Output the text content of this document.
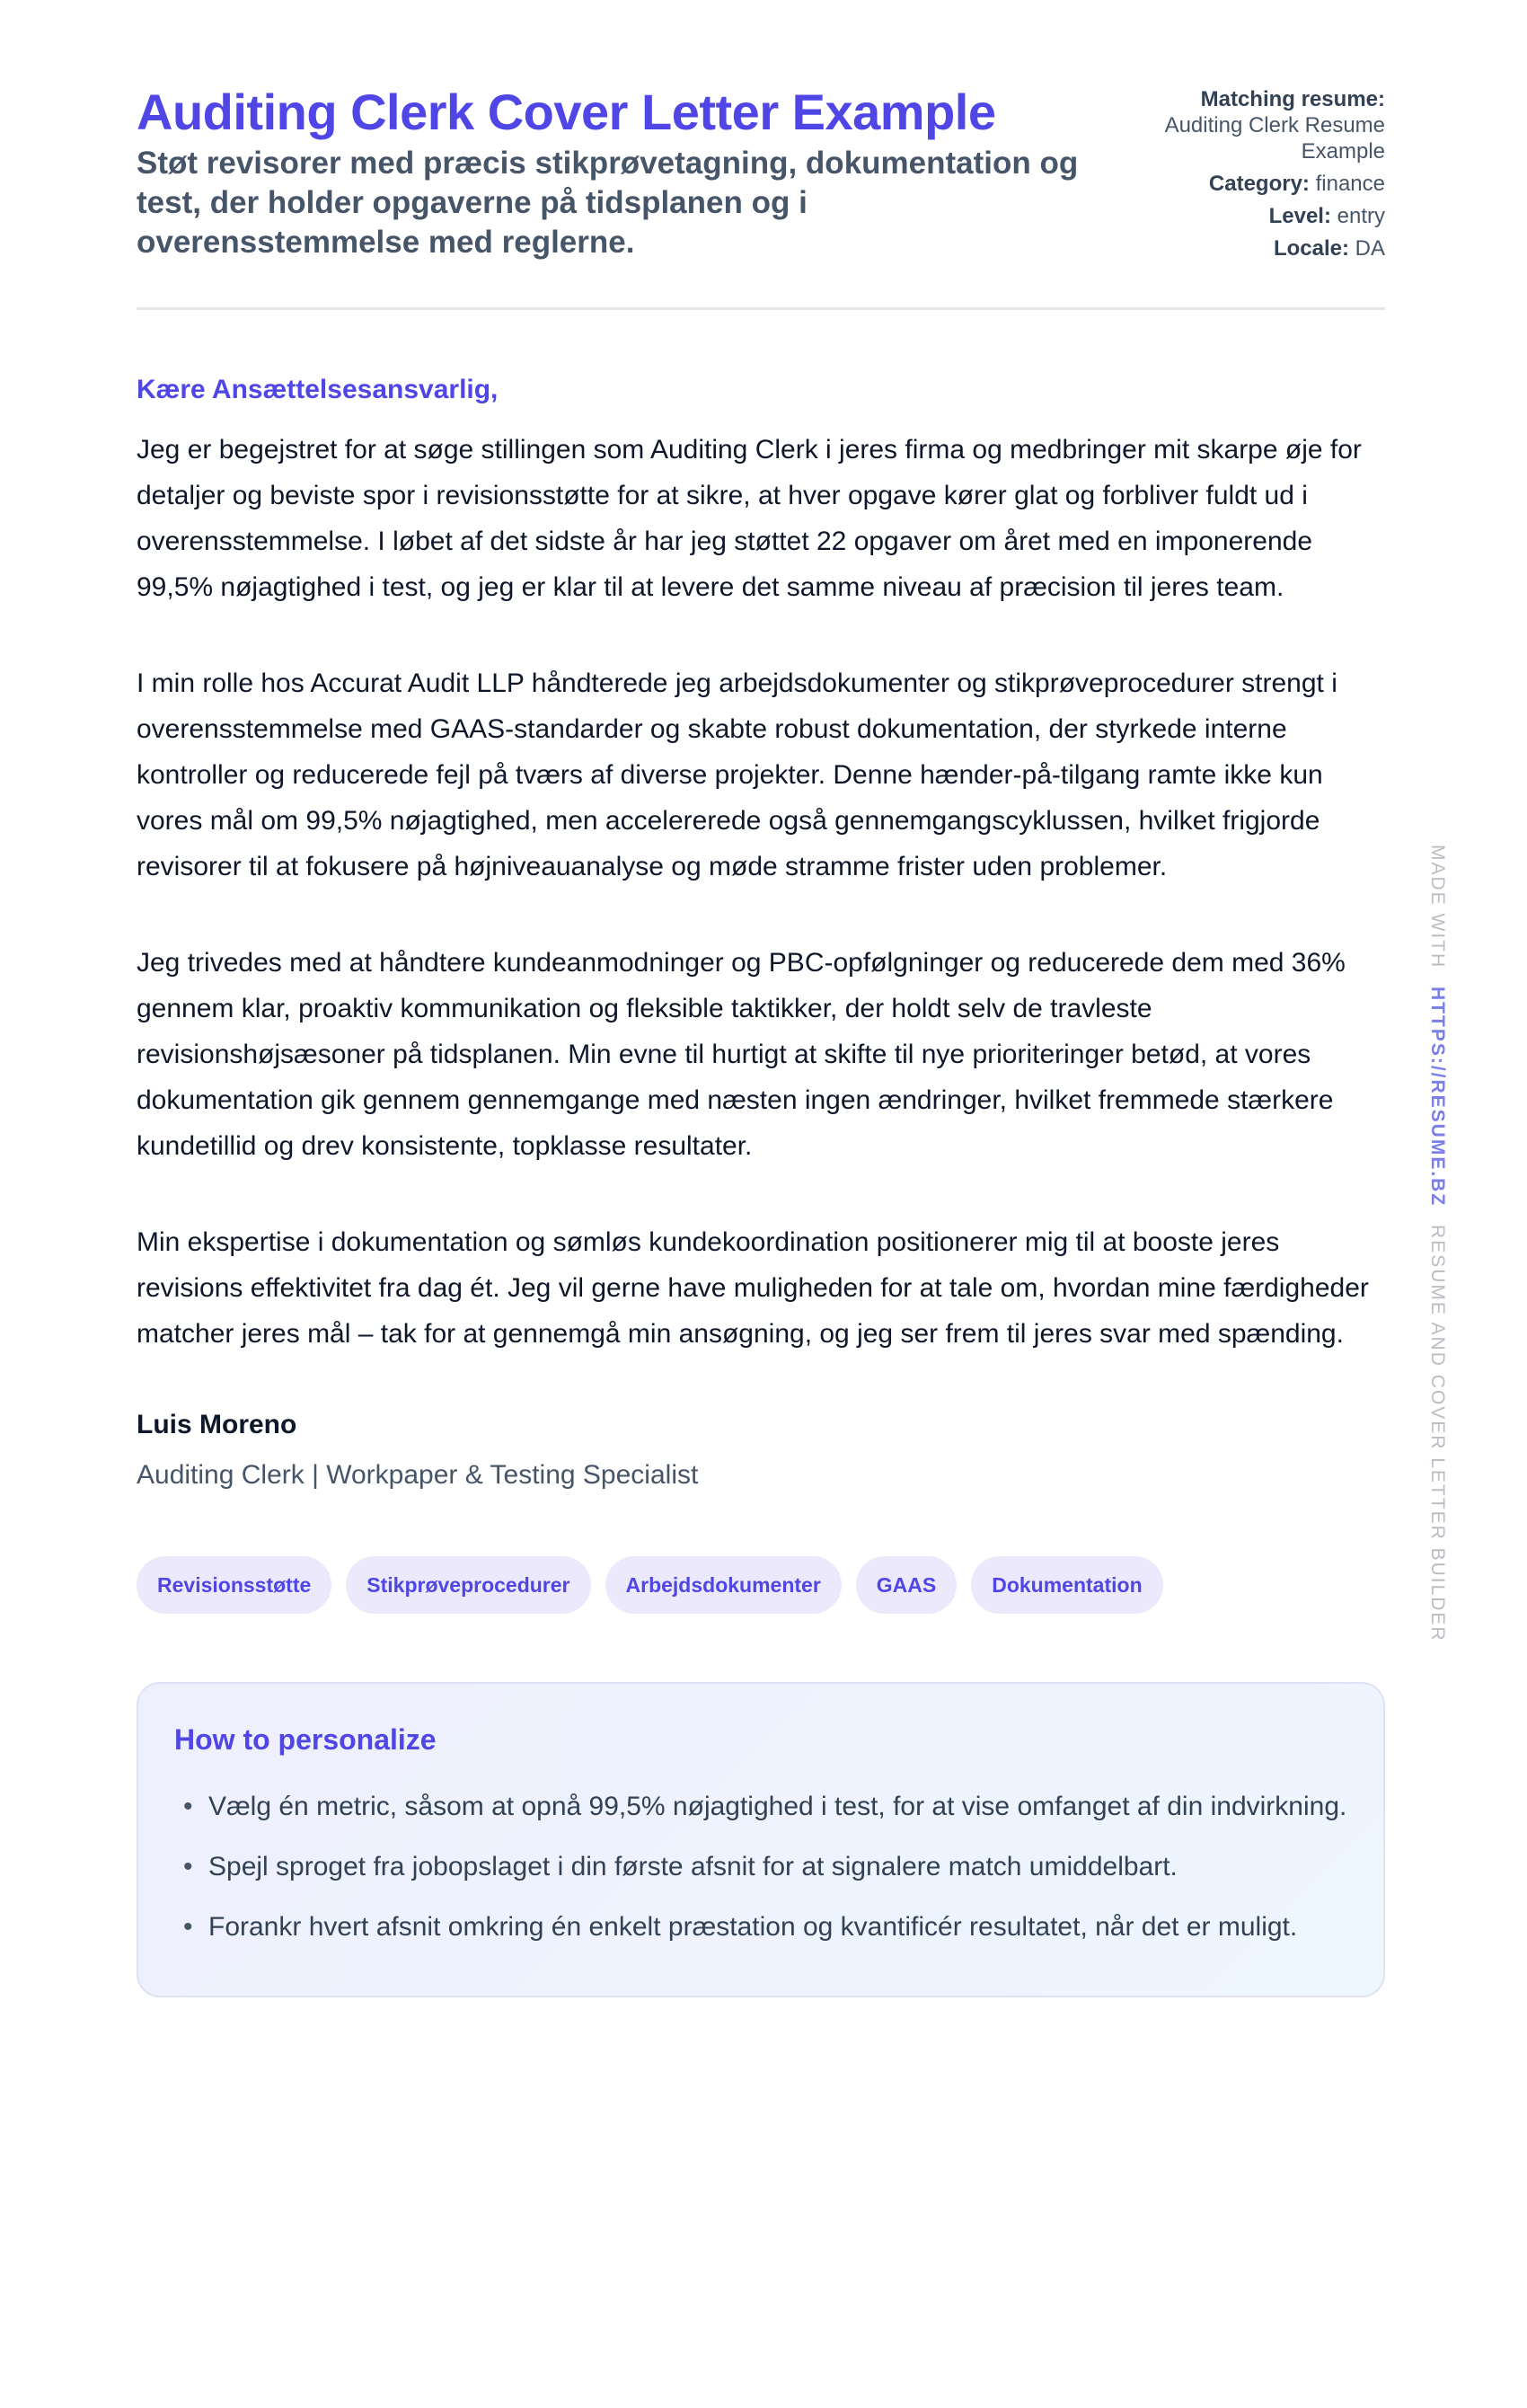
Auditing Clerk Cover Letter Example

Støt revisorer med præcis stikprøvetagning, dokumentation og test, der holder opgaverne på tidsplanen og i overensstemmelse med reglerne.

Matching resume:
Auditing Clerk Resume Example
Category: finance
Level: entry
Locale: DA

Kære Ansættelsesansvarlig,

Jeg er begejstret for at søge stillingen som Auditing Clerk i jeres firma og medbringer mit skarpe øje for detaljer og beviste spor i revisionsstøtte for at sikre, at hver opgave kører glat og forbliver fuldt ud i overensstemmelse. I løbet af det sidste år har jeg støttet 22 opgaver om året med en imponerende 99,5% nøjagtighed i test, og jeg er klar til at levere det samme niveau af præcision til jeres team.

I min rolle hos Accurat Audit LLP håndterede jeg arbejdsdokumenter og stikprøveprocedurer strengt i overensstemmelse med GAAS-standarder og skabte robust dokumentation, der styrkede interne kontroller og reducerede fejl på tværs af diverse projekter. Denne hænder-på-tilgang ramte ikke kun vores mål om 99,5% nøjagtighed, men accelererede også gennemgangscyklussen, hvilket frigjorde revisorer til at fokusere på højniveauanalyse og møde stramme frister uden problemer.

Jeg trivedes med at håndtere kundeanmodninger og PBC-opfølgninger og reducerede dem med 36% gennem klar, proaktiv kommunikation og fleksible taktikker, der holdt selv de travleste revisionshøjsæsoner på tidsplanen. Min evne til hurtigt at skifte til nye prioriteringer betød, at vores dokumentation gik gennem gennemgange med næsten ingen ændringer, hvilket fremmede stærkere kundetillid og drev konsistente, topklasse resultater.

Min ekspertise i dokumentation og sømløs kundekoordination positionerer mig til at booste jeres revisions effektivitet fra dag ét. Jeg vil gerne have muligheden for at tale om, hvordan mine færdigheder matcher jeres mål – tak for at gennemgå min ansøgning, og jeg ser frem til jeres svar med spænding.

Luis Moreno
Auditing Clerk | Workpaper & Testing Specialist
Revisionsstøtte	Stikprøveprocedurer	Arbejdsdokumenter	GAAS	Dokumentation
How to personalize
• Vælg én metric, såsom at opnå 99,5% nøjagtighed i test, for at vise omfanget af din indvirkning.
• Spejl sproget fra jobopslaget i din første afsnit for at signalere match umiddelbart.
• Forankr hvert afsnit omkring én enkelt præstation og kvantificér resultatet, når det er muligt.
MADE WITH HTTPS://RESUME.BZ RESUME AND COVER LETTER BUILDER
